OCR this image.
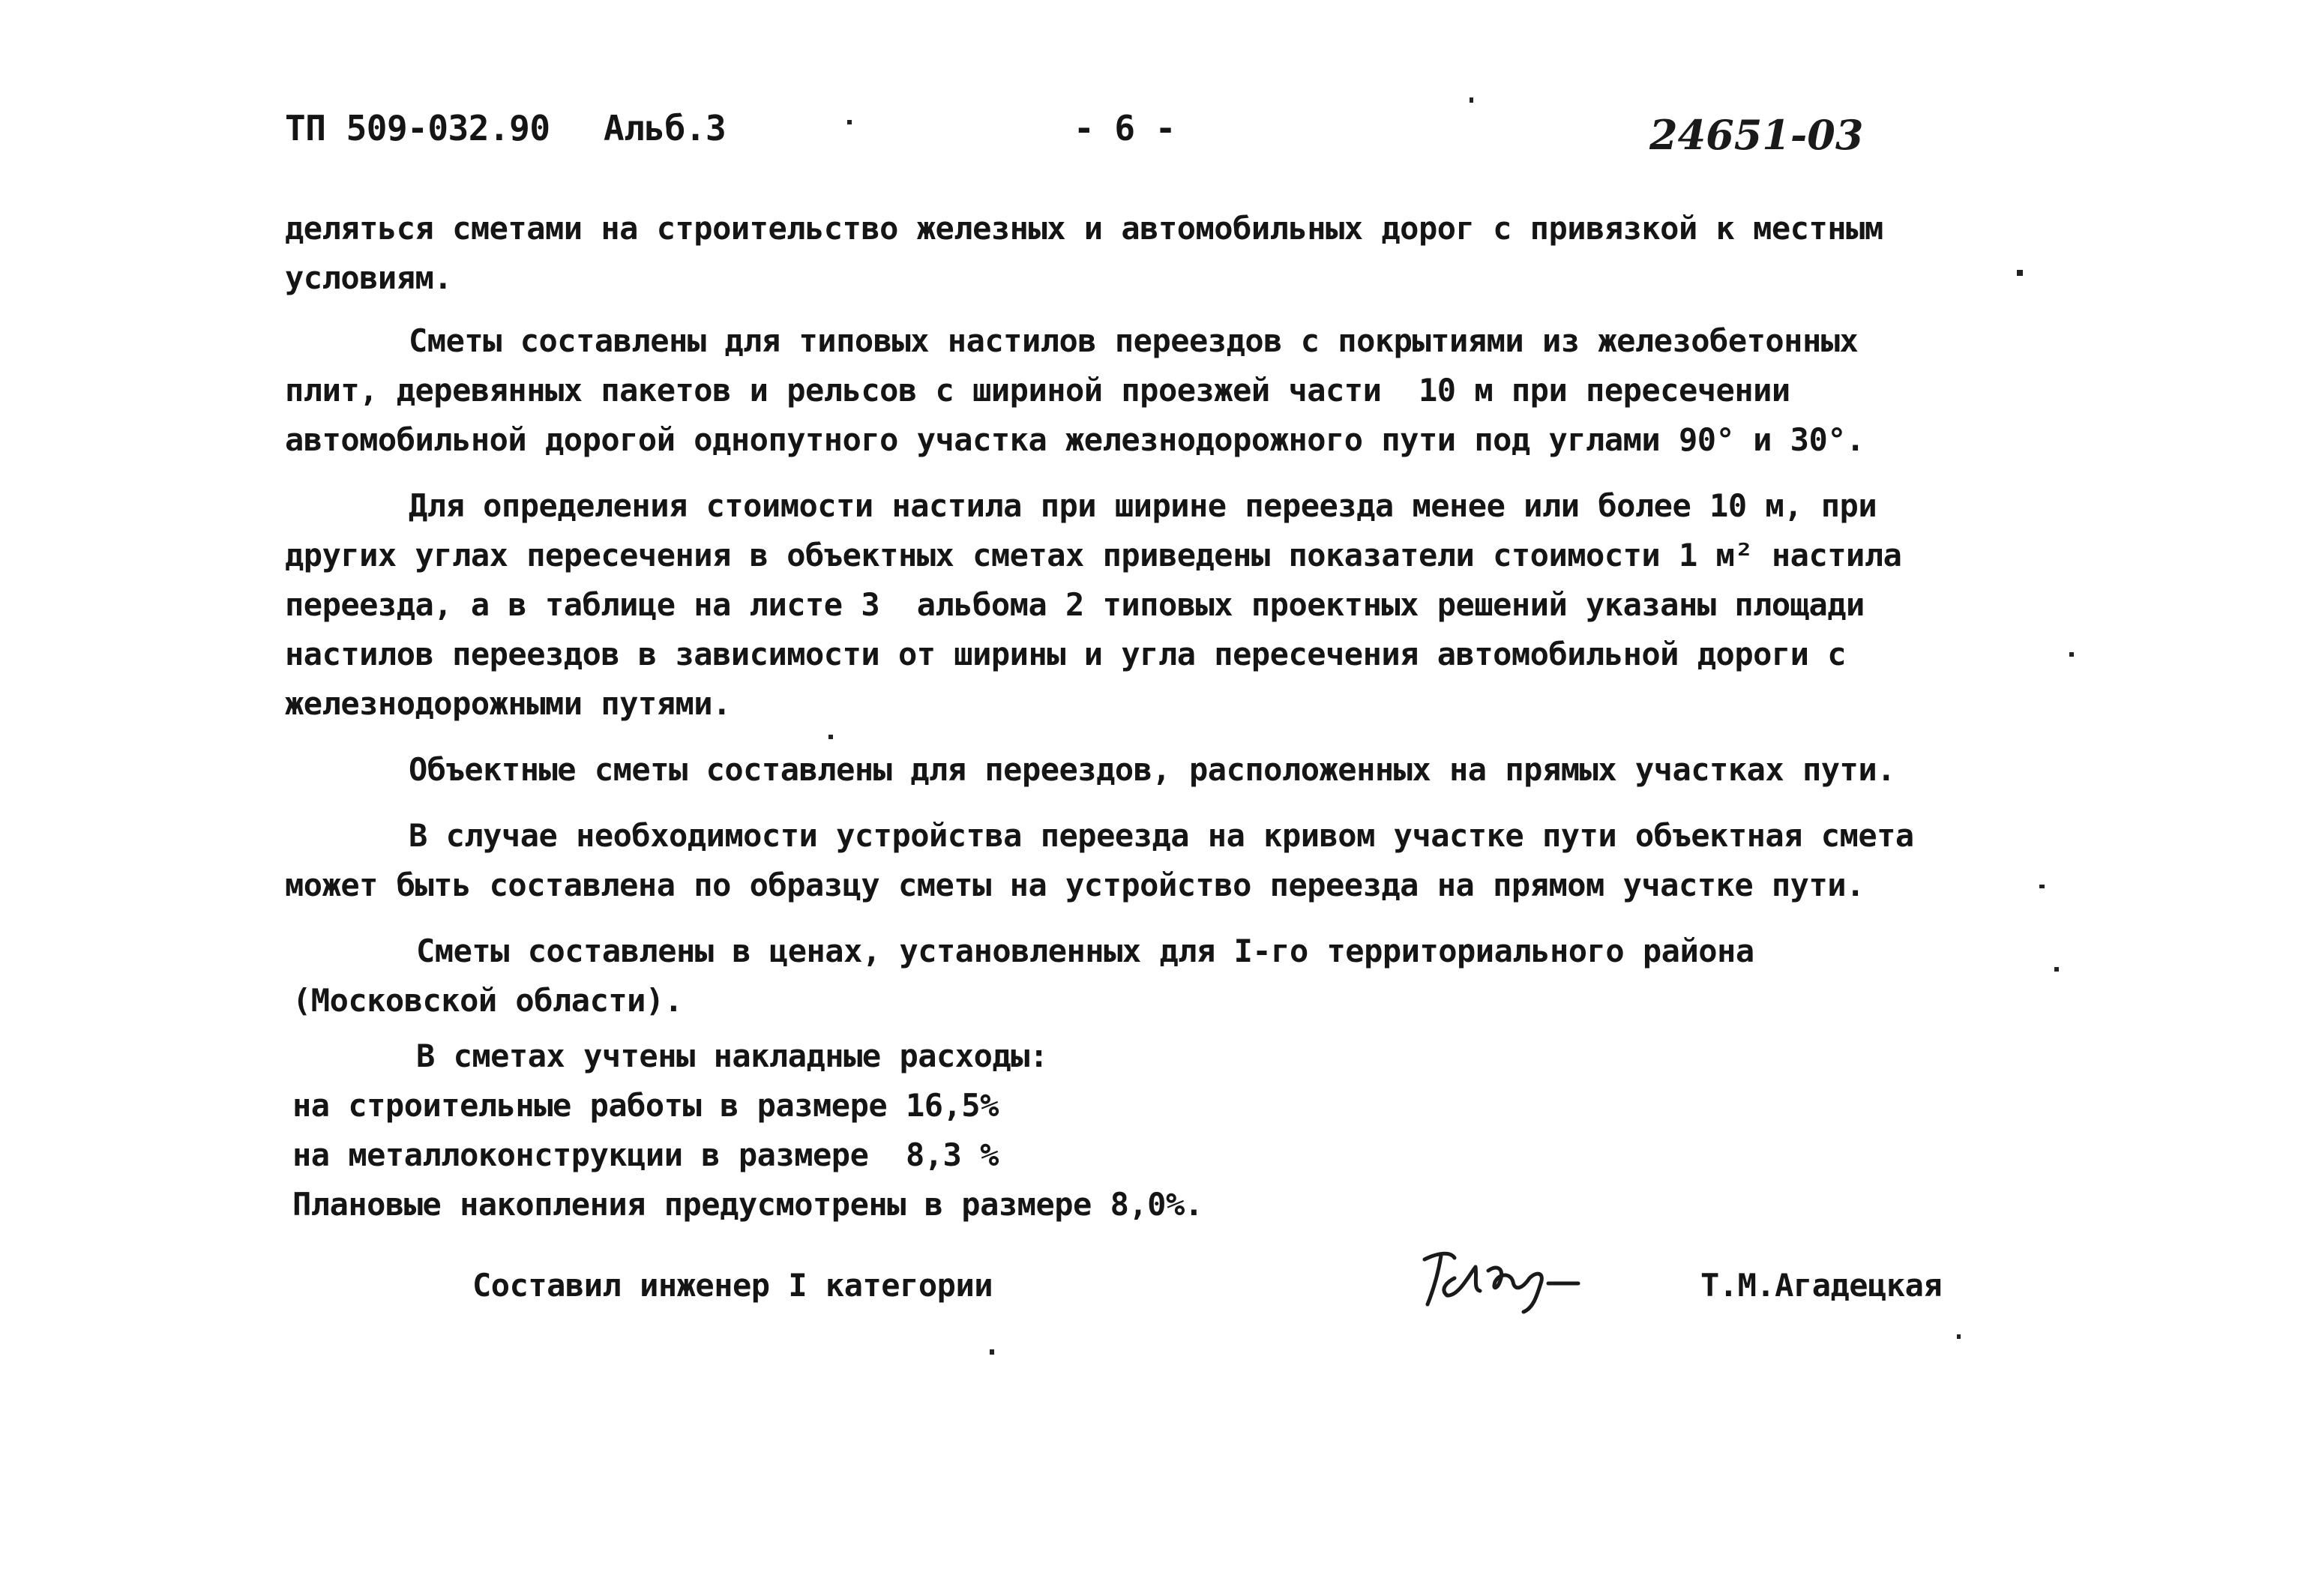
ТП 509-032.90 Альб.3	- 6 -	24651-03
делятьcя сметами на строительство железных и автомобильных дорог с привязкой к местным
условиям.
Сметы составлены для типовых настилов переездов с покрытиями из железобетонных
плит, деревянных пакетов и рельсов с шириной проезжей части  10 м при пересечении
автомобильной дорогой однопутного участка железнодорожного пути под углами 90° и 30°.
Для определения стоимости настила при ширине переезда менее или более 10 м, при
других углах пересечения в объектных сметах приведены показатели стоимости 1 м² настила
переезда, а в таблице на листе 3  альбома 2 типовых проектных решений указаны площади
настилов переездов в зависимости от ширины и угла пересечения автомобильной дороги с
железнодорожными путями.
Объектные сметы составлены для переездов, расположенных на прямых участках пути.
В случае необходимости устройства переезда на кривом участке пути объектная смета
может быть составлена по образцу сметы на устройство переезда на прямом участке пути.
Сметы составлены в ценах, установленных для I-го территориального района
(Московской области).
В сметах учтены накладные расходы:
на строительные работы в размере 16,5%
на металлоконструкции в размере  8,3 %
Плановые накопления предусмотрены в размере 8,0%.
Составил инженер I категории	Т.М.Агадецкая
